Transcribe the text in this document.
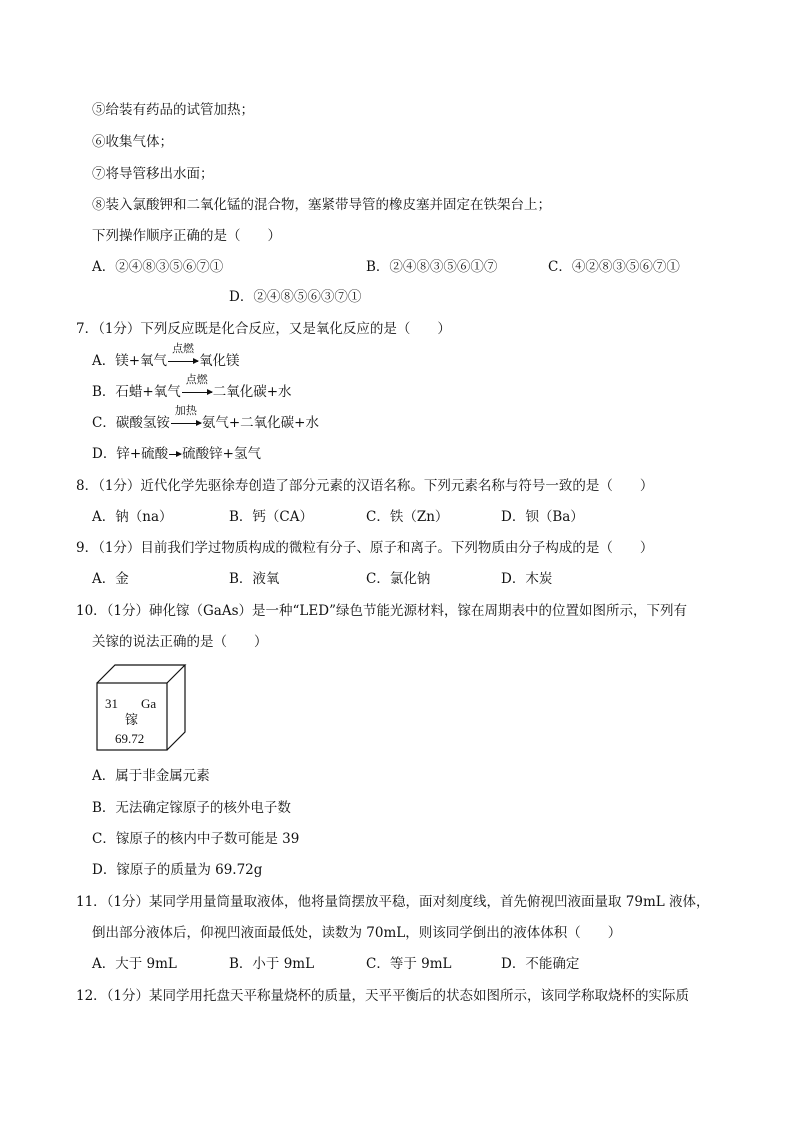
⑤给装有药品的试管加热；
⑥收集气体；
⑦将导管移出水面；
⑧装入氯酸钾和二氧化锰的混合物，塞紧带导管的橡皮塞并固定在铁架台上；
下列操作顺序正确的是（　　）
A．②④⑧③⑤⑥⑦①	B．②④⑧③⑤⑥①⑦	C．④②⑧③⑤⑥⑦①
D．②④⑧⑤⑥③⑦①
7．（1分）下列反应既是化合反应，又是氧化反应的是（　　）
A．镁+氧气
点燃
氧化镁
B．石蜡+氧气
点燃
二氧化碳+水
C．碳酸氢铵
加热
氨气+二氧化碳+水
D．锌+硫酸 硫酸锌+氢气
8．（1分）近代化学先驱徐寿创造了部分元素的汉语名称。下列元素名称与符号一致的是（　　）
A．钠（na）	B．钙（CA）	C．铁（Zn）	D．钡（Ba）
9．（1分）目前我们学过物质构成的微粒有分子、原子和离子。下列物质由分子构成的是（　　）
A．金	B．液氧	C．氯化钠	D．木炭
10．（1分）砷化镓（GaAs）是一种“LED”绿色节能光源材料，镓在周期表中的位置如图所示，下列有
关镓的说法正确的是（　　）
31 Ga
镓
69.72
A．属于非金属元素
B．无法确定镓原子的核外电子数
C．镓原子的核内中子数可能是 39
D．镓原子的质量为 69.72g
11．（1分）某同学用量筒量取液体，他将量筒摆放平稳，面对刻度线，首先俯视凹液面量取 79mL 液体，
倒出部分液体后，仰视凹液面最低处，读数为 70mL，则该同学倒出的液体体积（　　）
A．大于 9mL	B．小于 9mL	C．等于 9mL	D．不能确定
12．（1分）某同学用托盘天平称量烧杯的质量，天平平衡后的状态如图所示，该同学称取烧杯的实际质
